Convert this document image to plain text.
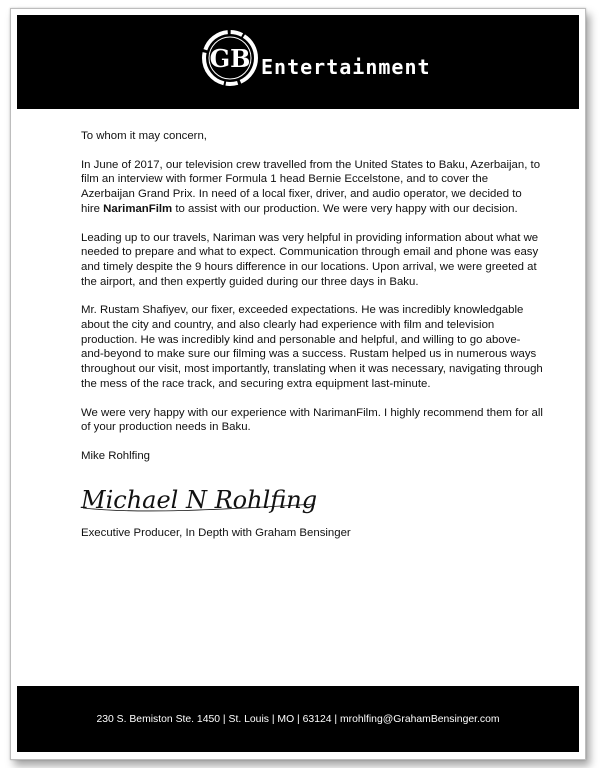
GB Entertainment

To whom it may concern,

In June of 2017, our television crew travelled from the United States to Baku, Azerbaijan, to film an interview with former Formula 1 head Bernie Eccelstone, and to cover the Azerbaijan Grand Prix. In need of a local fixer, driver, and audio operator, we decided to hire NarimanFilm to assist with our production. We were very happy with our decision.

Leading up to our travels, Nariman was very helpful in providing information about what we needed to prepare and what to expect. Communication through email and phone was easy and timely despite the 9 hours difference in our locations. Upon arrival, we were greeted at the airport, and then expertly guided during our three days in Baku.

Mr. Rustam Shafiyev, our fixer, exceeded expectations. He was incredibly knowledgable about the city and country, and also clearly had experience with film and television production. He was incredibly kind and personable and helpful, and willing to go above-and-beyond to make sure our filming was a success. Rustam helped us in numerous ways throughout our visit, most importantly, translating when it was necessary, navigating through the mess of the race track, and securing extra equipment last-minute.

We were very happy with our experience with NarimanFilm. I highly recommend them for all of your production needs in Baku.

Mike Rohlfing

Michael N Rohlfing
Executive Producer, In Depth with Graham Bensinger
230 S. Bemiston Ste. 1450 | St. Louis | MO | 63124 | mrohlfing@GrahamBensinger.com
